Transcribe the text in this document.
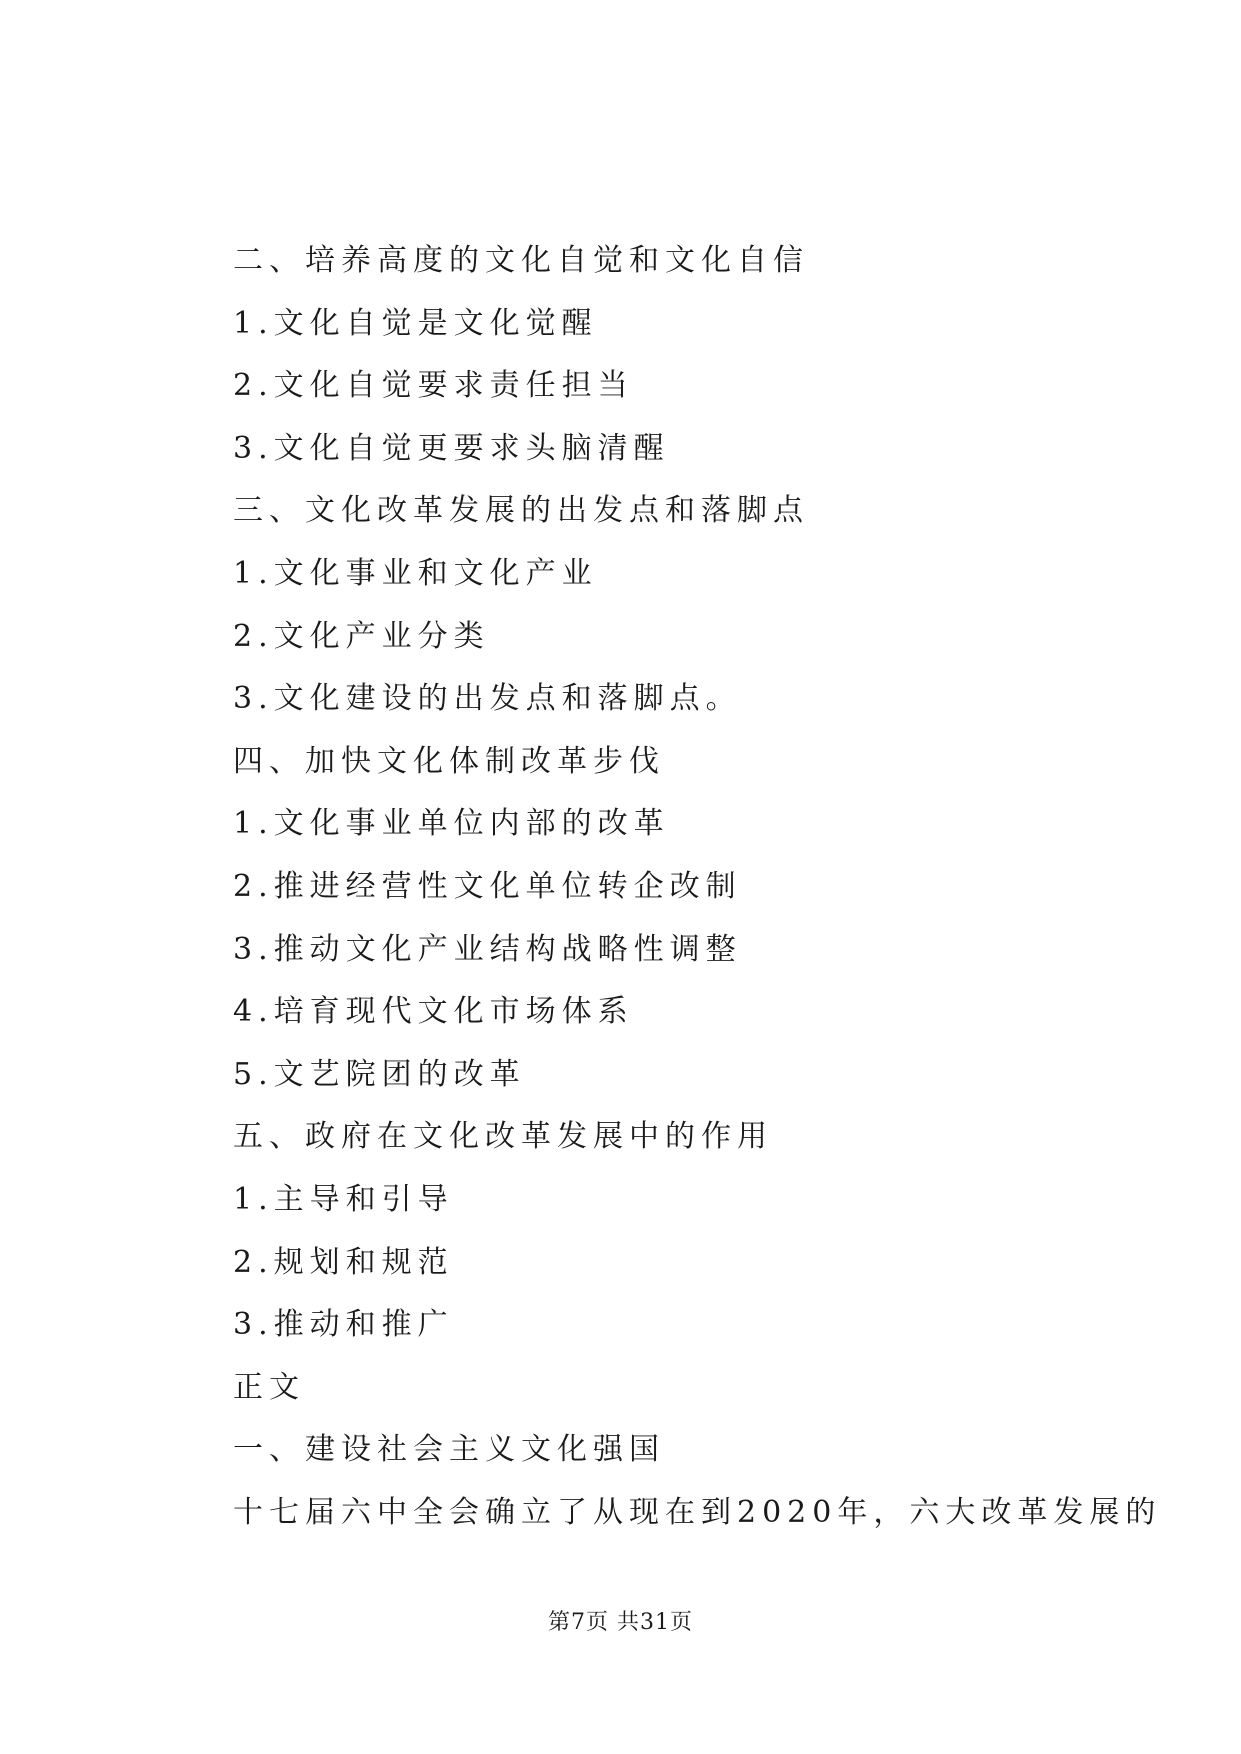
二、培养高度的文化自觉和文化自信
1.文化自觉是文化觉醒
2.文化自觉要求责任担当
3.文化自觉更要求头脑清醒
三、文化改革发展的出发点和落脚点
1.文化事业和文化产业
2.文化产业分类
3.文化建设的出发点和落脚点。
四、加快文化体制改革步伐
1.文化事业单位内部的改革
2.推进经营性文化单位转企改制
3.推动文化产业结构战略性调整
4.培育现代文化市场体系
5.文艺院团的改革
五、政府在文化改革发展中的作用
1.主导和引导
2.规划和规范
3.推动和推广
正文
一、建设社会主义文化强国
十七届六中全会确立了从现在到2020年，六大改革发展的
第7页 共31页
